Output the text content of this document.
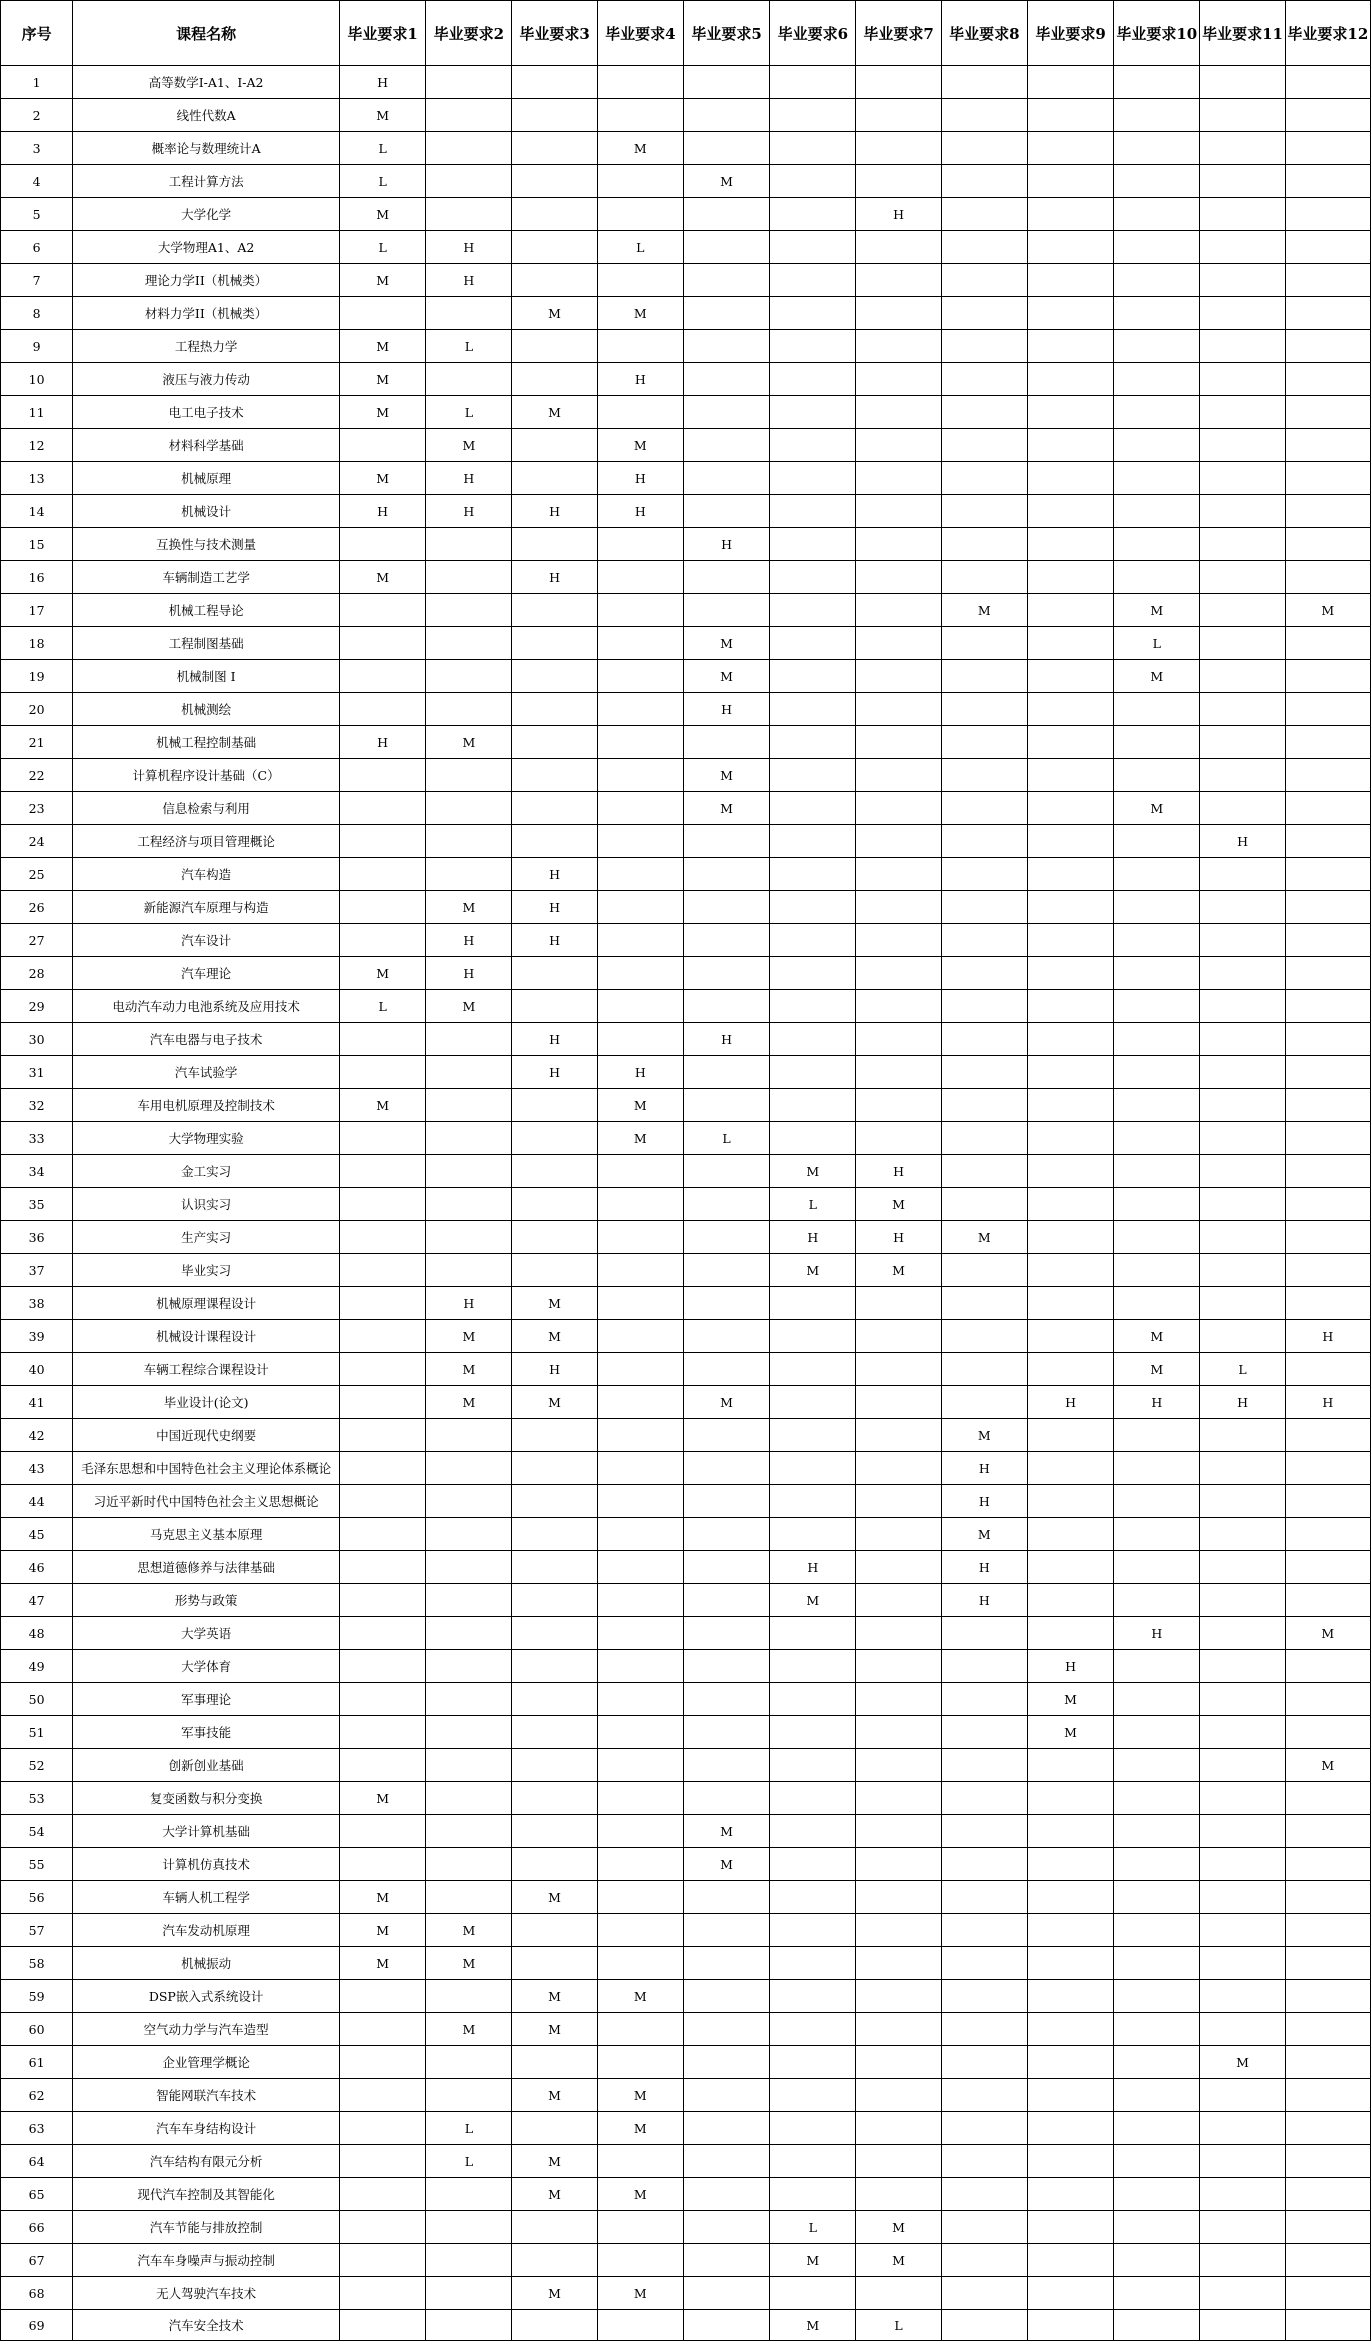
序号	课程名称	毕业要求1	毕业要求2	毕业要求3	毕业要求4	毕业要求5	毕业要求6	毕业要求7	毕业要求8	毕业要求9	毕业要求10	毕业要求11	毕业要求12
1	高等数学I-A1、I-A2	H											
2	线性代数A	M											
3	概率论与数理统计A	L			M								
4	工程计算方法	L				M							
5	大学化学	M						H					
6	大学物理A1、A2	L	H		L								
7	理论力学II（机械类）	M	H										
8	材料力学II（机械类）			M	M								
9	工程热力学	M	L										
10	液压与液力传动	M			H								
11	电工电子技术	M	L	M									
12	材料科学基础		M		M								
13	机械原理	M	H		H								
14	机械设计	H	H	H	H								
15	互换性与技术测量					H							
16	车辆制造工艺学	M		H									
17	机械工程导论								M		M		M
18	工程制图基础					M					L		
19	机械制图 I					M					M		
20	机械测绘					H							
21	机械工程控制基础	H	M										
22	计算机程序设计基础（C）					M							
23	信息检索与利用					M					M		
24	工程经济与项目管理概论											H	
25	汽车构造			H									
26	新能源汽车原理与构造		M	H									
27	汽车设计		H	H									
28	汽车理论	M	H										
29	电动汽车动力电池系统及应用技术	L	M										
30	汽车电器与电子技术			H		H							
31	汽车试验学			H	H								
32	车用电机原理及控制技术	M			M								
33	大学物理实验				M	L							
34	金工实习						M	H					
35	认识实习						L	M					
36	生产实习						H	H	M				
37	毕业实习						M	M					
38	机械原理课程设计		H	M									
39	机械设计课程设计		M	M							M		H
40	车辆工程综合课程设计		M	H							M	L	
41	毕业设计(论文)		M	M		M				H	H	H	H
42	中国近现代史纲要								M				
43	毛泽东思想和中国特色社会主义理论体系概论								H				
44	习近平新时代中国特色社会主义思想概论								H				
45	马克思主义基本原理								M				
46	思想道德修养与法律基础						H		H				
47	形势与政策						M		H				
48	大学英语										H		M
49	大学体育									H			
50	军事理论									M			
51	军事技能									M			
52	创新创业基础												M
53	复变函数与积分变换	M											
54	大学计算机基础					M							
55	计算机仿真技术					M							
56	车辆人机工程学	M		M									
57	汽车发动机原理	M	M										
58	机械振动	M	M										
59	DSP嵌入式系统设计			M	M								
60	空气动力学与汽车造型		M	M									
61	企业管理学概论											M	
62	智能网联汽车技术			M	M								
63	汽车车身结构设计		L		M								
64	汽车结构有限元分析		L	M									
65	现代汽车控制及其智能化			M	M								
66	汽车节能与排放控制						L	M					
67	汽车车身噪声与振动控制						M	M					
68	无人驾驶汽车技术			M	M								
69	汽车安全技术						M	L					
